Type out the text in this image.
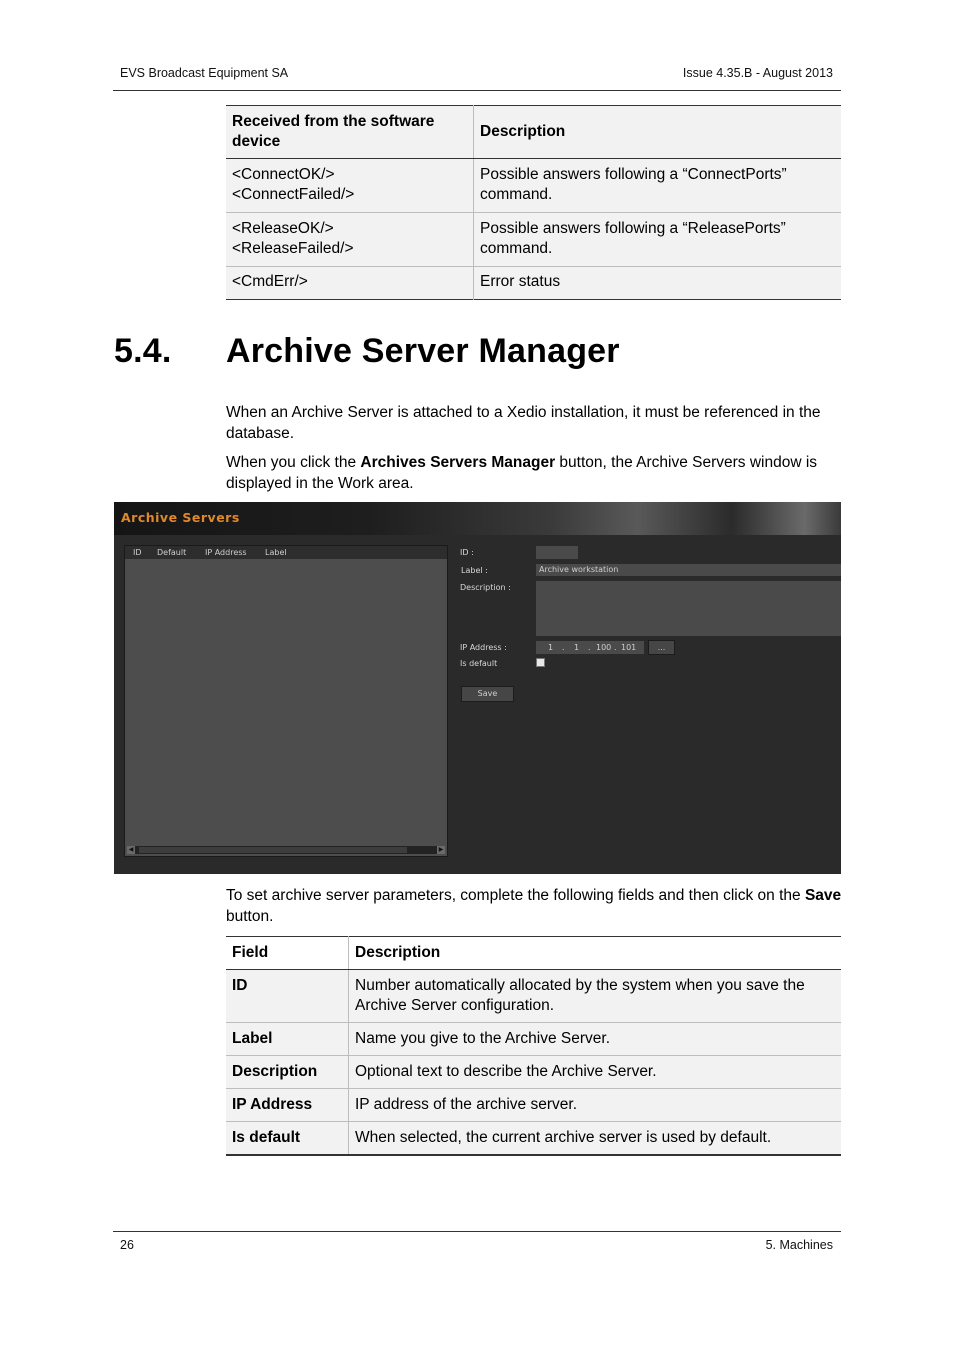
EVS Broadcast Equipment SA	Issue 4.35.B - August 2013
Received from the software device	Description
<ConnectOK/>
<ConnectFailed/>	Possible answers following a “ConnectPorts” command.
<ReleaseOK/>
<ReleaseFailed/>	Possible answers following a “ReleasePorts” command.
<CmdErr/>	Error status
5.4. Archive Server Manager
When an Archive Server is attached to a Xedio installation, it must be referenced in the database.
When you click the Archives Servers Manager button, the Archive Servers window is displayed in the Work area.
Archive Servers
ID Default IP Address Label
◀	▶
ID :
Label :	Archive workstation
Description :
IP Address :	1 . 1 . 100 . 101	...
Is default
Save
To set archive server parameters, complete the following fields and then click on the Save button.
Field	Description
ID	Number automatically allocated by the system when you save the Archive Server configuration.
Label	Name you give to the Archive Server.
Description	Optional text to describe the Archive Server.
IP Address	IP address of the archive server.
Is default	When selected, the current archive server is used by default.
26	5. Machines
